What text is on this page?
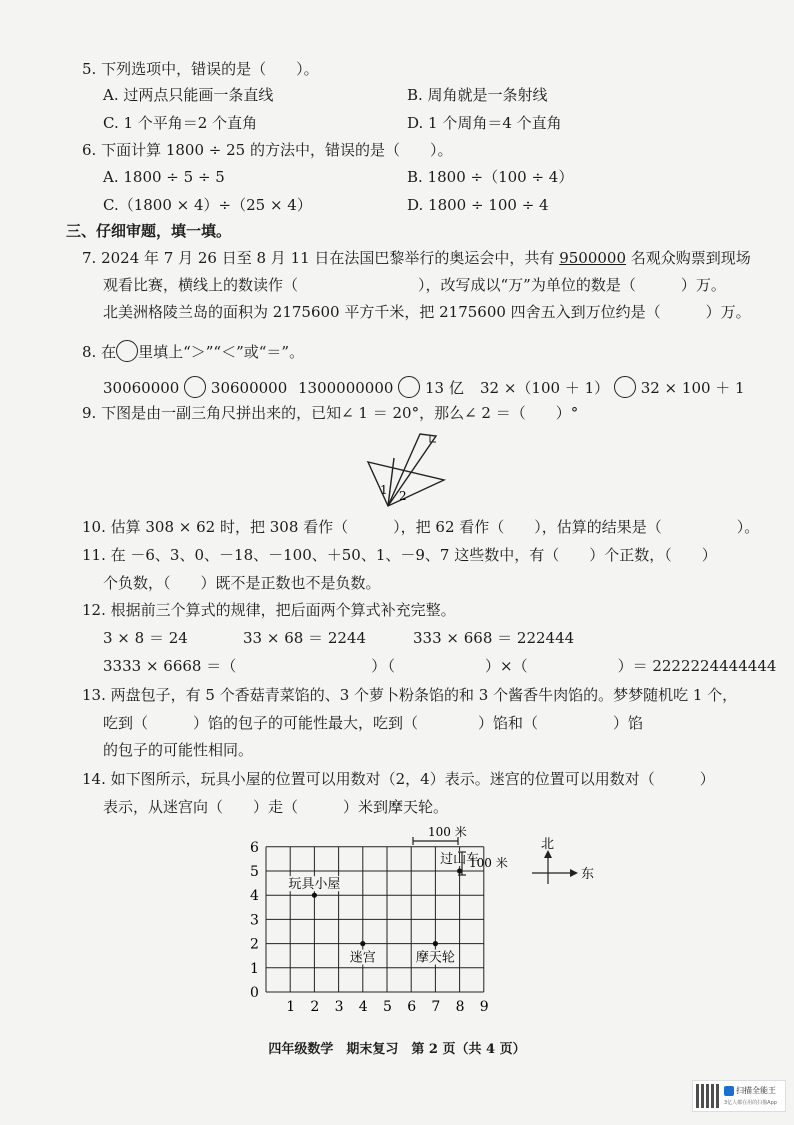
5. 下列选项中，错误的是（　　）。
A. 过两点只能画一条直线	B. 周角就是一条射线
C. 1 个平角＝2 个直角	D. 1 个周角＝4 个直角
6. 下面计算 1800 ÷ 25 的方法中，错误的是（　　）。
A. 1800 ÷ 5 ÷ 5	B. 1800 ÷（100 ÷ 4）
C.（1800 × 4）÷（25 × 4）	D. 1800 ÷ 100 ÷ 4
三、仔细审题，填一填。
7. 2024 年 7 月 26 日至 8 月 11 日在法国巴黎举行的奥运会中，共有 9500000 名观众购票到现场
观看比赛，横线上的数读作（　　　　　　　　），改写成以“万”为单位的数是（　　　）万。
北美洲格陵兰岛的面积为 2175600 平方千米，把 2175600 四舍五入到万位约是（　　　）万。
8. 在 里填上“＞”“＜”或“＝”。
30060000 30600000 1300000000 13 亿 32 ×（100 ＋ 1） 32 × 100 ＋ 1
9. 下图是由一副三角尺拼出来的，已知∠ 1 ＝ 20°，那么∠ 2 ＝（　　）°
1 2
10. 估算 308 × 62 时，把 308 看作（　　　），把 62 看作（　　），估算的结果是（　　　　　）。
11. 在 －6、3、0、－18、－100、＋50、1、－9、7 这些数中，有（　　）个正数，（　　）
个负数，（　　）既不是正数也不是负数。
12. 根据前三个算式的规律，把后面两个算式补充完整。
3 × 8 ＝ 24	33 × 68 ＝ 2244	333 × 668 ＝ 222444
3333 × 6668 ＝（　　　　　　　　　）
（　　　　　　）×（　　　　　　）＝ 2222224444444
13. 两盘包子，有 5 个香菇青菜馅的、3 个萝卜粉条馅的和 3 个酱香牛肉馅的。梦梦随机吃 1 个，
吃到（　　　）馅的包子的可能性最大，吃到（　　　　）馅和（　　　　　）馅
的包子的可能性相同。
14. 如下图所示，玩具小屋的位置可以用数对（2，4）表示。迷宫的位置可以用数对（　　　）
表示，从迷宫向（　　）走（　　　）米到摩天轮。
1 2 3 4 5 6 7 8 9
0
1
2
3
4
5
6
玩具小屋
迷宫	摩天轮
过山车
100 米
100 米
北
东
四年级数学　期末复习　第 2 页（共 4 页）
扫描全能王
3亿人都在用的扫描App
